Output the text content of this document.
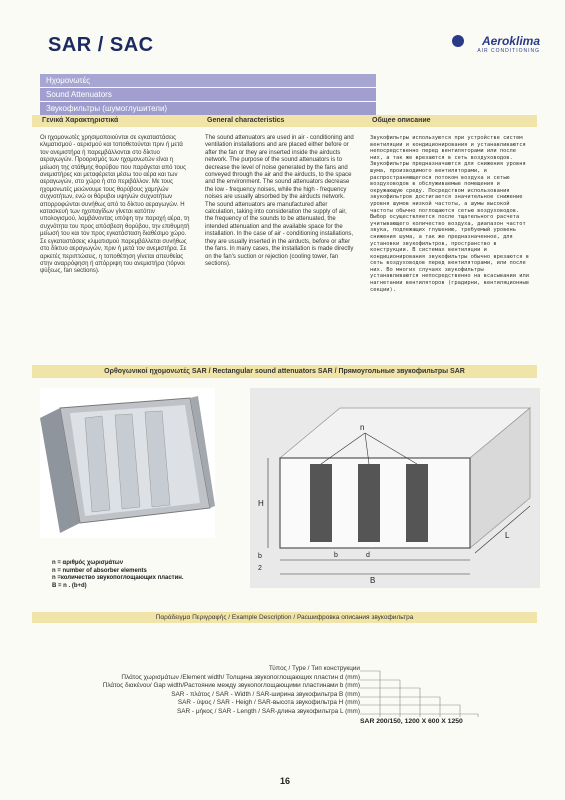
SAR / SAC	Aeroklima
AIR CONDITIONING
Ηχομονωτές
Sound Attenuators
Звукофильтры (шумоглушители)
Γενικά Χαρακτηριστικά	General characteristics	Общее описание

Οι ηχομονωτές χρησιμοποιούνται σε εγκαταστάσεις κλιματισμού - αερισμού και τοποθετούνται πριν ή μετά τον ανεμιστήρα ή παρεμβάλλονται στο δίκτυο αεραγωγών. Προορισμός των ηχομονωτών είναι η μείωση της στάθμης θορύβου που παράγεται από τους ανεμιστήρες και μεταφέρεται μέσω του αέρα και των αεραγωγών, στο χώρο ή στο περιβάλλον. Με τους ηχομονωτές μειώνουμε τους θορύβους χαμηλών συχνοτήτων, ενώ οι θόρυβοι υψηλών συχνοτήτων απορροφώνται συνήθως από το δίκτυο αεραγωγών. Η κατασκευή των ηχοπαγίδων γίνεται κατόπιν υπολογισμού, λαμβάνοντας υπόψη την παροχή αέρα, τη συχνότητα του προς απόσβεση θορύβου, την επιθυμητή μείωσή του και τον προς εγκατάσταση διαθέσιμο χώρο. Σε εγκαταστάσεις κλιματισμού παρεμβάλλεται συνήθως στο δίκτυο αεραγωγών, πριν ή μετά τον ανεμιστήρα. Σε αρκετές περιπτώσεις, η τοποθέτηση γίνεται απευθείας στην αναρρόφηση ή απόρριψη του ανεμιστήρα (τόρνοι ψύξεως, fan sections).

The sound attenuators are used in air - conditioning and ventilation installations and are placed either before or after the fan or they are inserted inside the airducts network. The purpose of the sound attenuators is to decrease the level of noise generated by the fans and conveyed through the air and the airducts, to the space and the environment. The sound attenuators decrease the low - frequency noises, while the high - frequency noises are usually absorbed by the airducts network. The sound attenuators are manufactured after calculation, taking into consideration the supply of air, the frequency of the sounds to be attenuated, the intended attenuation and the available space for the installation. In the case of air - conditioning installations, they are usually inserted in the airducts, before or after the fans. In many cases, the installation is made directly on the fan's suction or rejection (cooling tower, fan sections).

Звукофильтры используются при устройстве систем вентиляции и кондиционирования и устанавливаются непосредственно перед вентиляторами или после них, а так же врезаются в сеть воздуховодов. Звукофильтры предназначаются для снижения уровня шума, производимого вентиляторами, и распространяющегося потоком воздуха и сетью воздуховодов в обслуживаемые помещения и окружающую среду. Посредством использования звукофильтров достигается значительное снижение уровня шумов низкой частоты, а шумы высокой частоты обычно поглощаются сетью воздуховодов. Выбор осуществляется после тщательного расчета учитывающего количество воздуха, диапазон частот звука, подлежащих глушению, требуемый уровень снижения шума, а так же предназначенное, для установки звукофильтров, пространство в конструкции. В системах вентиляции и кондиционирования звукофильтры обычно врезаются в сеть воздуховодов перед вентиляторами, или после них. Во многих случаях звукофильтры устанавливаются непосредственно на всасывании или нагнетании вентиляторов (градирни, вентиляционные секции).

Ορθογωνικοί ηχομονωτές SAR / Rectangular sound attenuators SAR / Прямоугольные звукофильтры SAR
n = αριθμός χωρισμάτων
n = number of absorber elements
n =количество звукопоглощающих пластин.
B = n . (b+d)
n
H
b	d
B
L
b
2
Παράδειγμα Περιγραφής / Example Description / Расшифровка описания звукофильтра
Τύπος / Type / Тип конструкции
Πλάτος χωρισμάτων /Element width/ Толщина звукопоглощающих пластин d (mm)
Πλάτος διακένου/ Gap width/Растояние между звукопоглощающими пластинами b (mm)
SAR - πλάτος / SAR - Width / SAR-ширина звукофильтра B (mm)
SAR - ύψος / SAR - Heigh / SAR-высота звукофильтра H (mm)
SAR - μήκος / SAR - Length / SAR-длина звукофильтра L (mm)
SAR 200/150, 1200 X 600 X 1250
16
